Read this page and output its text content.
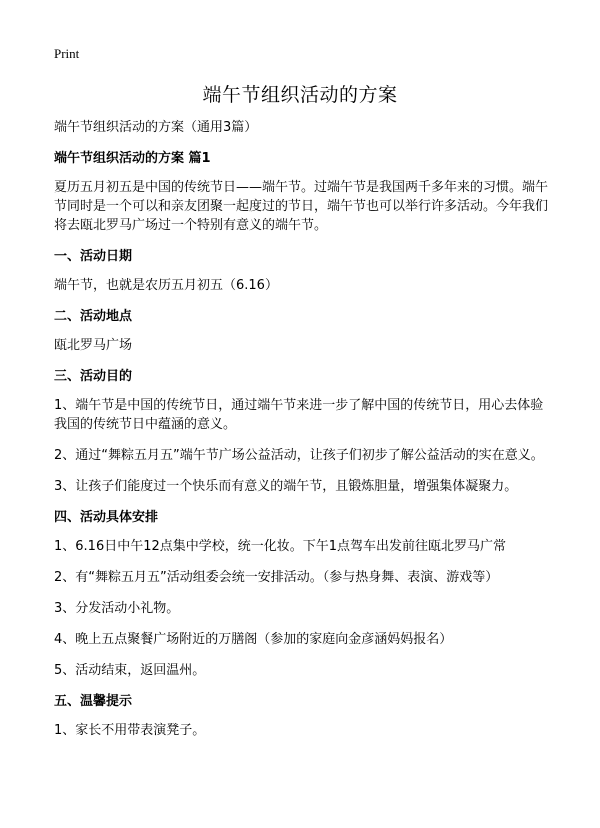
Print
端午节组织活动的方案

端午节组织活动的方案（通用3篇）

端午节组织活动的方案 篇1

夏历五月初五是中国的传统节日——端午节。过端午节是我国两千多年来的习惯。端午节同时是一个可以和亲友团聚一起度过的节日，端午节也可以举行许多活动。今年我们将去瓯北罗马广场过一个特别有意义的端午节。

一、活动日期

端午节，也就是农历五月初五（6.16）

二、活动地点

瓯北罗马广场

三、活动目的

1、端午节是中国的传统节日，通过端午节来进一步了解中国的传统节日，用心去体验我国的传统节日中蕴涵的意义。

2、通过“舞粽五月五”端午节广场公益活动，让孩子们初步了解公益活动的实在意义。

3、让孩子们能度过一个快乐而有意义的端午节，且锻炼胆量，增强集体凝聚力。

四、活动具体安排

1、6.16日中午12点集中学校，统一化妆。下午1点驾车出发前往瓯北罗马广常

2、有“舞粽五月五”活动组委会统一安排活动。（参与热身舞、表演、游戏等）

3、分发活动小礼物。

4、晚上五点聚餐广场附近的万膳阁（参加的家庭向金彦涵妈妈报名）

5、活动结束，返回温州。

五、温馨提示

1、家长不用带表演凳子。
